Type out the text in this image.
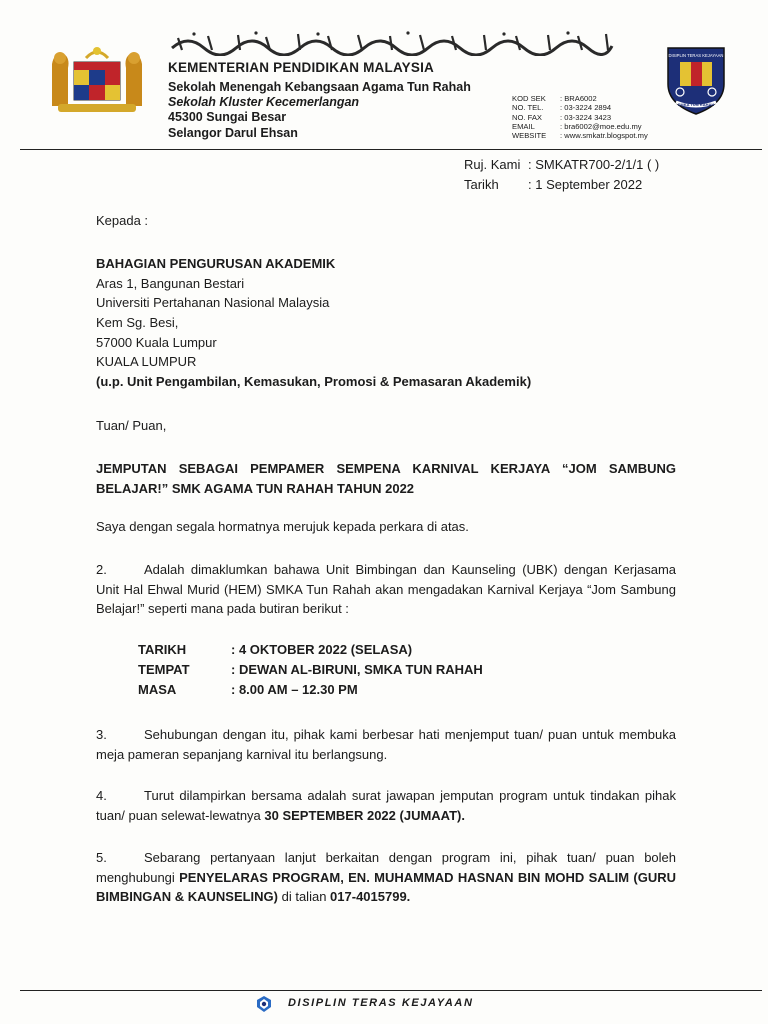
KEMENTERIAN PENDIDIKAN MALAYSIA
Sekolah Menengah Kebangsaan Agama Tun Rahah
Sekolah Kluster Kecemerlangan
45300 Sungai Besar
Selangor Darul Ehsan
KOD SEK	: BRA6002
NO. TEL.	: 03-3224 2894
NO. FAX	: 03-3224 3423
EMAIL	: bra6002@moe.edu.my
WEBSITE	: www.smkatr.blogspot.my
DISIPLIN TERAS KEJAYAAN
SMKA TUN RAHAH
Ruj. Kami : SMKATR700-2/1/1 ( )
Tarikh	: 1 September 2022
Kepada :
BAHAGIAN PENGURUSAN AKADEMIK
Aras 1, Bangunan Bestari
Universiti Pertahanan Nasional Malaysia
Kem Sg. Besi,
57000 Kuala Lumpur
KUALA LUMPUR
(u.p. Unit Pengambilan, Kemasukan, Promosi & Pemasaran Akademik)
Tuan/ Puan,
JEMPUTAN SEBAGAI PEMPAMER SEMPENA KARNIVAL KERJAYA “JOM SAMBUNG BELAJAR!” SMK AGAMA TUN RAHAH TAHUN 2022
Saya dengan segala hormatnya merujuk kepada perkara di atas.
2.	Adalah dimaklumkan bahawa Unit Bimbingan dan Kaunseling (UBK) dengan Kerjasama Unit Hal Ehwal Murid (HEM) SMKA Tun Rahah akan mengadakan Karnival Kerjaya “Jom Sambung Belajar!” seperti mana pada butiran berikut :
TARIKH	: 4 OKTOBER 2022 (SELASA)
TEMPAT	: DEWAN AL-BIRUNI, SMKA TUN RAHAH
MASA	: 8.00 AM – 12.30 PM
3.	Sehubungan dengan itu, pihak kami berbesar hati menjemput tuan/ puan untuk membuka meja pameran sepanjang karnival itu berlangsung.
4.	Turut dilampirkan bersama adalah surat jawapan jemputan program untuk tindakan pihak tuan/ puan selewat-lewatnya 30 SEPTEMBER 2022 (JUMAAT).
5.	Sebarang pertanyaan lanjut berkaitan dengan program ini, pihak tuan/ puan boleh menghubungi PENYELARAS PROGRAM, EN. MUHAMMAD HASNAN BIN MOHD SALIM (GURU BIMBINGAN & KAUNSELING) di talian 017-4015799.
DISIPLIN TERAS KEJAYAAN
